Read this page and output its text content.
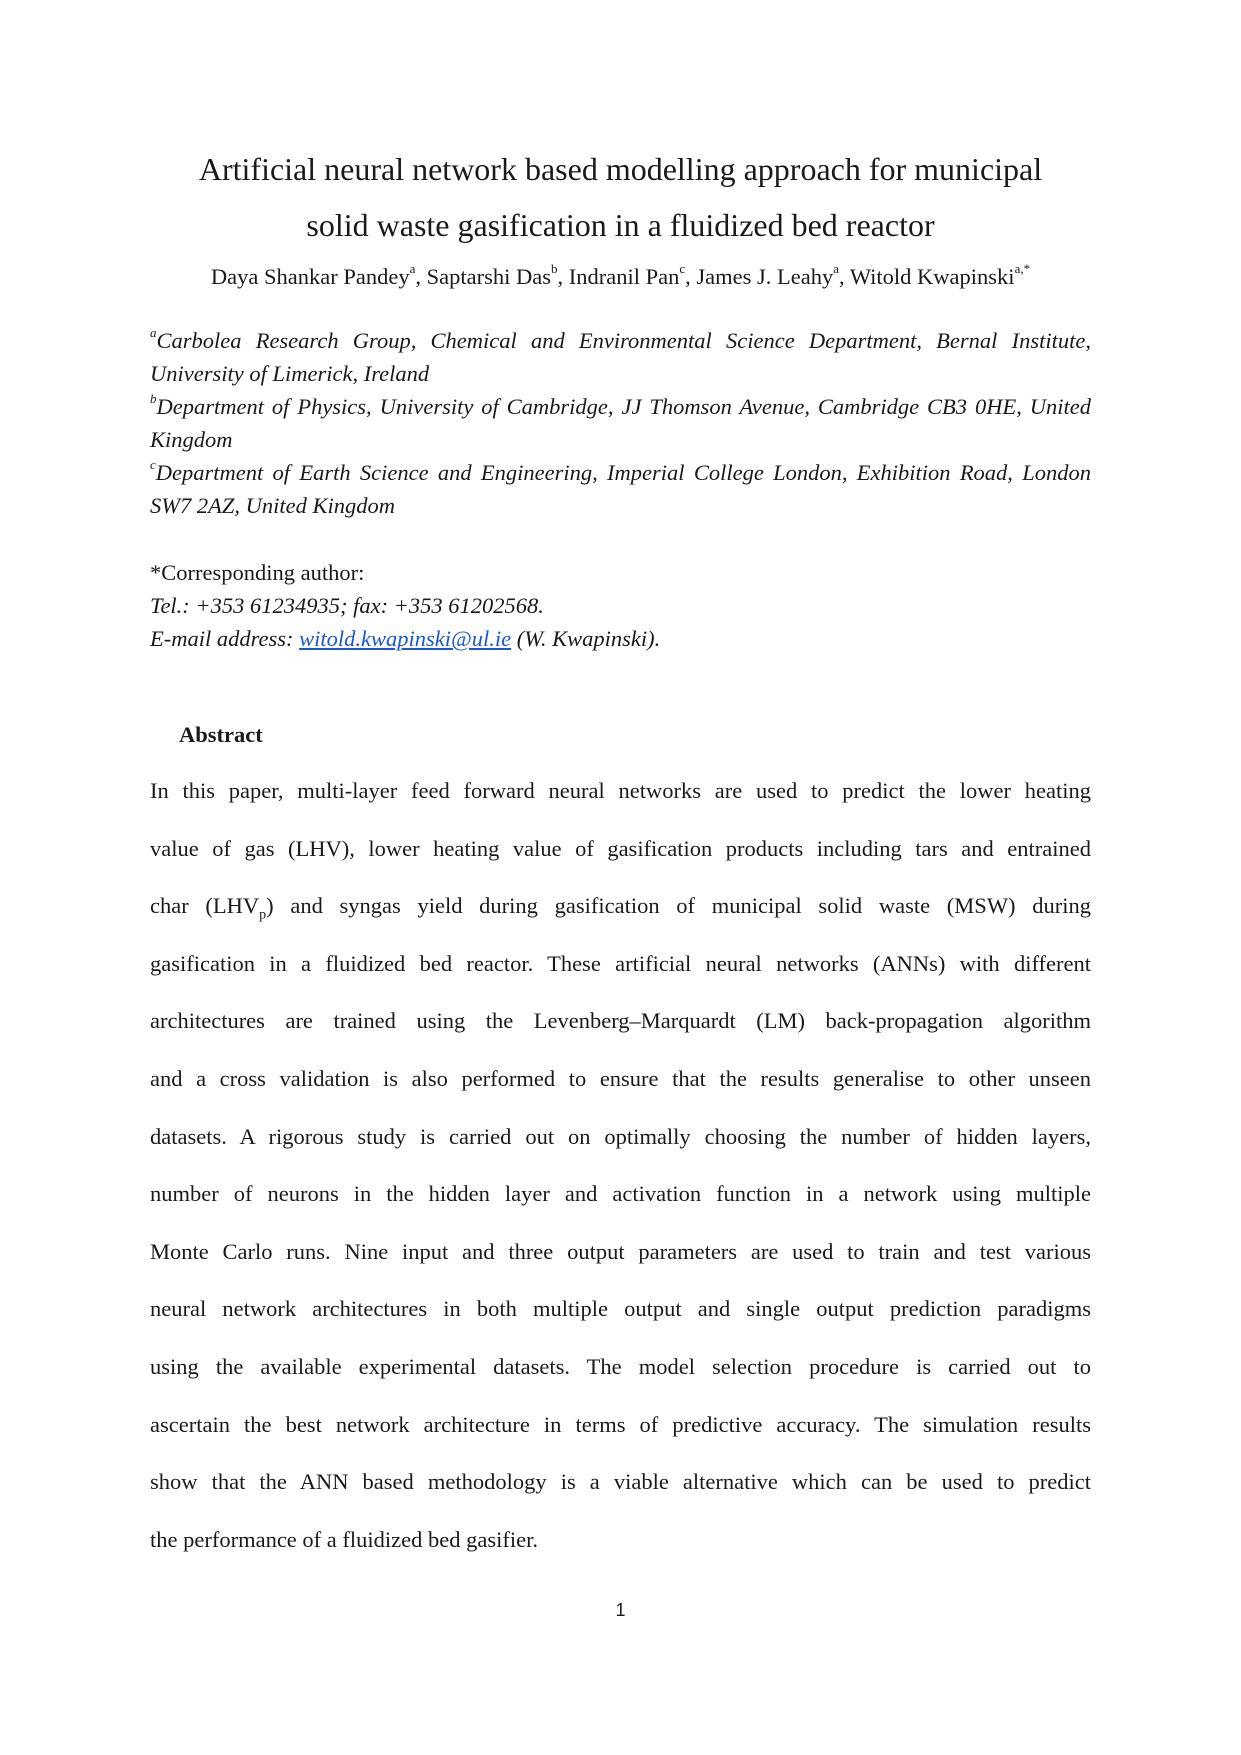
Artificial neural network based modelling approach for municipal
solid waste gasification in a fluidized bed reactor
Daya Shankar Pandey$^a$, Saptarshi Das$^b$, Indranil Pan$^c$, James J. Leahy$^a$, Witold Kwapinski$^{a,*}$
$^a$Carbolea Research Group, Chemical and Environmental Science Department, Bernal Institute, University of Limerick, Ireland
$^b$Department of Physics, University of Cambridge, JJ Thomson Avenue, Cambridge CB3 0HE, United Kingdom
$^c$Department of Earth Science and Engineering, Imperial College London, Exhibition Road, London SW7 2AZ, United Kingdom
*Corresponding author:
Tel.: +353 61234935; fax: +353 61202568.
E-mail address: witold.kwapinski@ul.ie (W. Kwapinski).
Abstract
In this paper, multi-layer feed forward neural networks are used to predict the lower heating
value of gas (LHV), lower heating value of gasification products including tars and entrained
char $(LHV_p)$ and syngas yield during gasification of municipal solid waste (MSW) during
gasification in a fluidized bed reactor. These artificial neural networks (ANNs) with different
architectures are trained using the Levenberg–Marquardt (LM) back-propagation algorithm
and a cross validation is also performed to ensure that the results generalise to other unseen
datasets. A rigorous study is carried out on optimally choosing the number of hidden layers,
number of neurons in the hidden layer and activation function in a network using multiple
Monte Carlo runs. Nine input and three output parameters are used to train and test various
neural network architectures in both multiple output and single output prediction paradigms
using the available experimental datasets. The model selection procedure is carried out to
ascertain the best network architecture in terms of predictive accuracy. The simulation results
show that the ANN based methodology is a viable alternative which can be used to predict
the performance of a fluidized bed gasifier.
1
